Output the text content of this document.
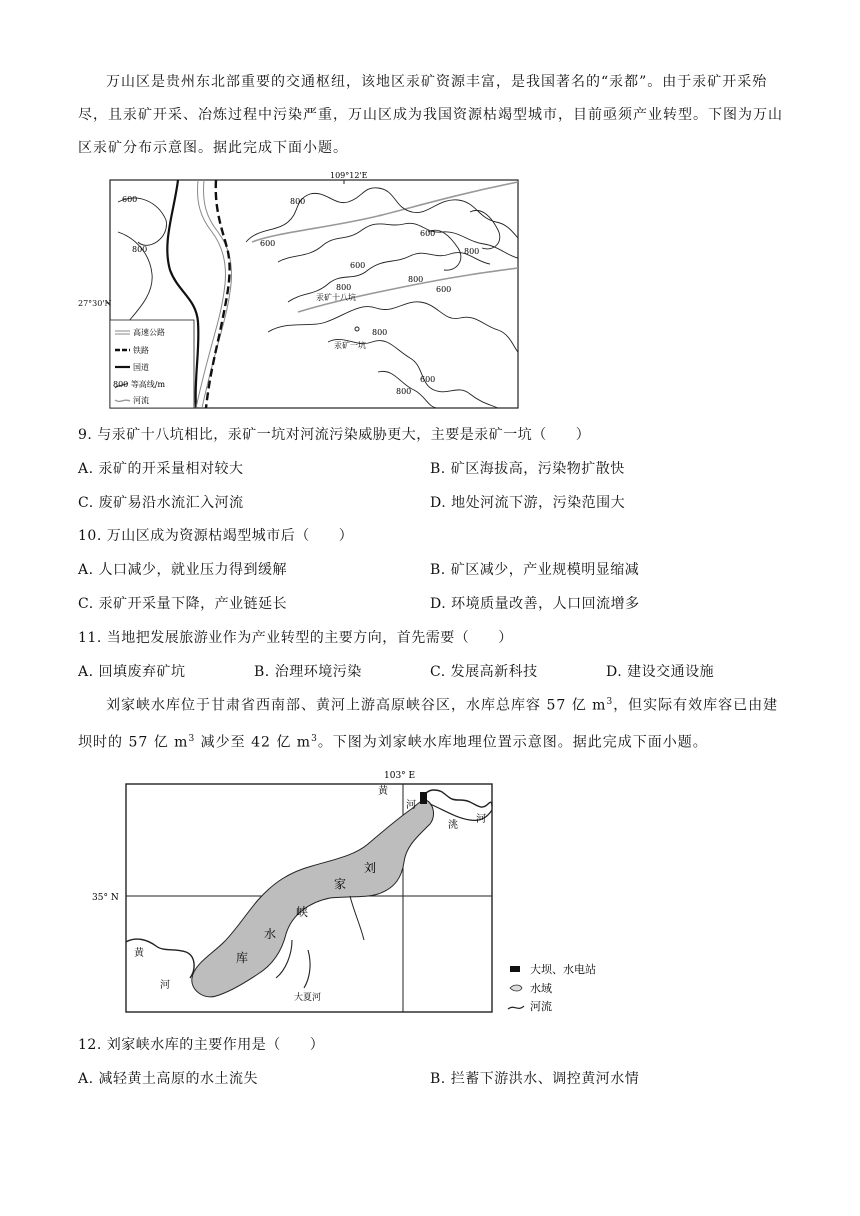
万山区是贵州东北部重要的交通枢纽，该地区汞矿资源丰富，是我国著名的“汞都”。由于汞矿开采殆尽，且汞矿开采、冶炼过程中污染严重，万山区成为我国资源枯竭型城市，目前亟须产业转型。下图为万山区汞矿分布示意图。据此完成下面小题。
109°12'E
600
800
600
800
600
800
600
800
800
800
600
800
600
汞矿十八坑
汞矿一坑
高速公路
铁路
国道
800 等高线/m
河流
27°30'N
9. 与汞矿十八坑相比，汞矿一坑对河流污染威胁更大，主要是汞矿一坑（　　）
A. 汞矿的开采量相对较大	B. 矿区海拔高，污染物扩散快
C. 废矿易沿水流汇入河流	D. 地处河流下游，污染范围大
10. 万山区成为资源枯竭型城市后（　　）
A. 人口减少，就业压力得到缓解	B. 矿区减少，产业规模明显缩减
C. 汞矿开采量下降，产业链延长	D. 环境质量改善，人口回流增多
11. 当地把发展旅游业作为产业转型的主要方向，首先需要（　　）
A. 回填废弃矿坑	B. 治理环境污染	C. 发展高新科技	D. 建设交通设施
刘家峡水库位于甘肃省西南部、黄河上游高原峡谷区，水库总库容 57 亿 $m^3$，但实际有效库容已由建坝时的 57 亿 $m^3$ 减少至 42 亿 $m^3$。下图为刘家峡水库地理位置示意图。据此完成下面小题。
103° E
35° N
黄
河
洮
河
刘
家
峡
水
库
黄
河
大夏河
大坝、水电站
水域
河流
12. 刘家峡水库的主要作用是（　　）
A. 减轻黄土高原的水土流失	B. 拦蓄下游洪水、调控黄河水情
